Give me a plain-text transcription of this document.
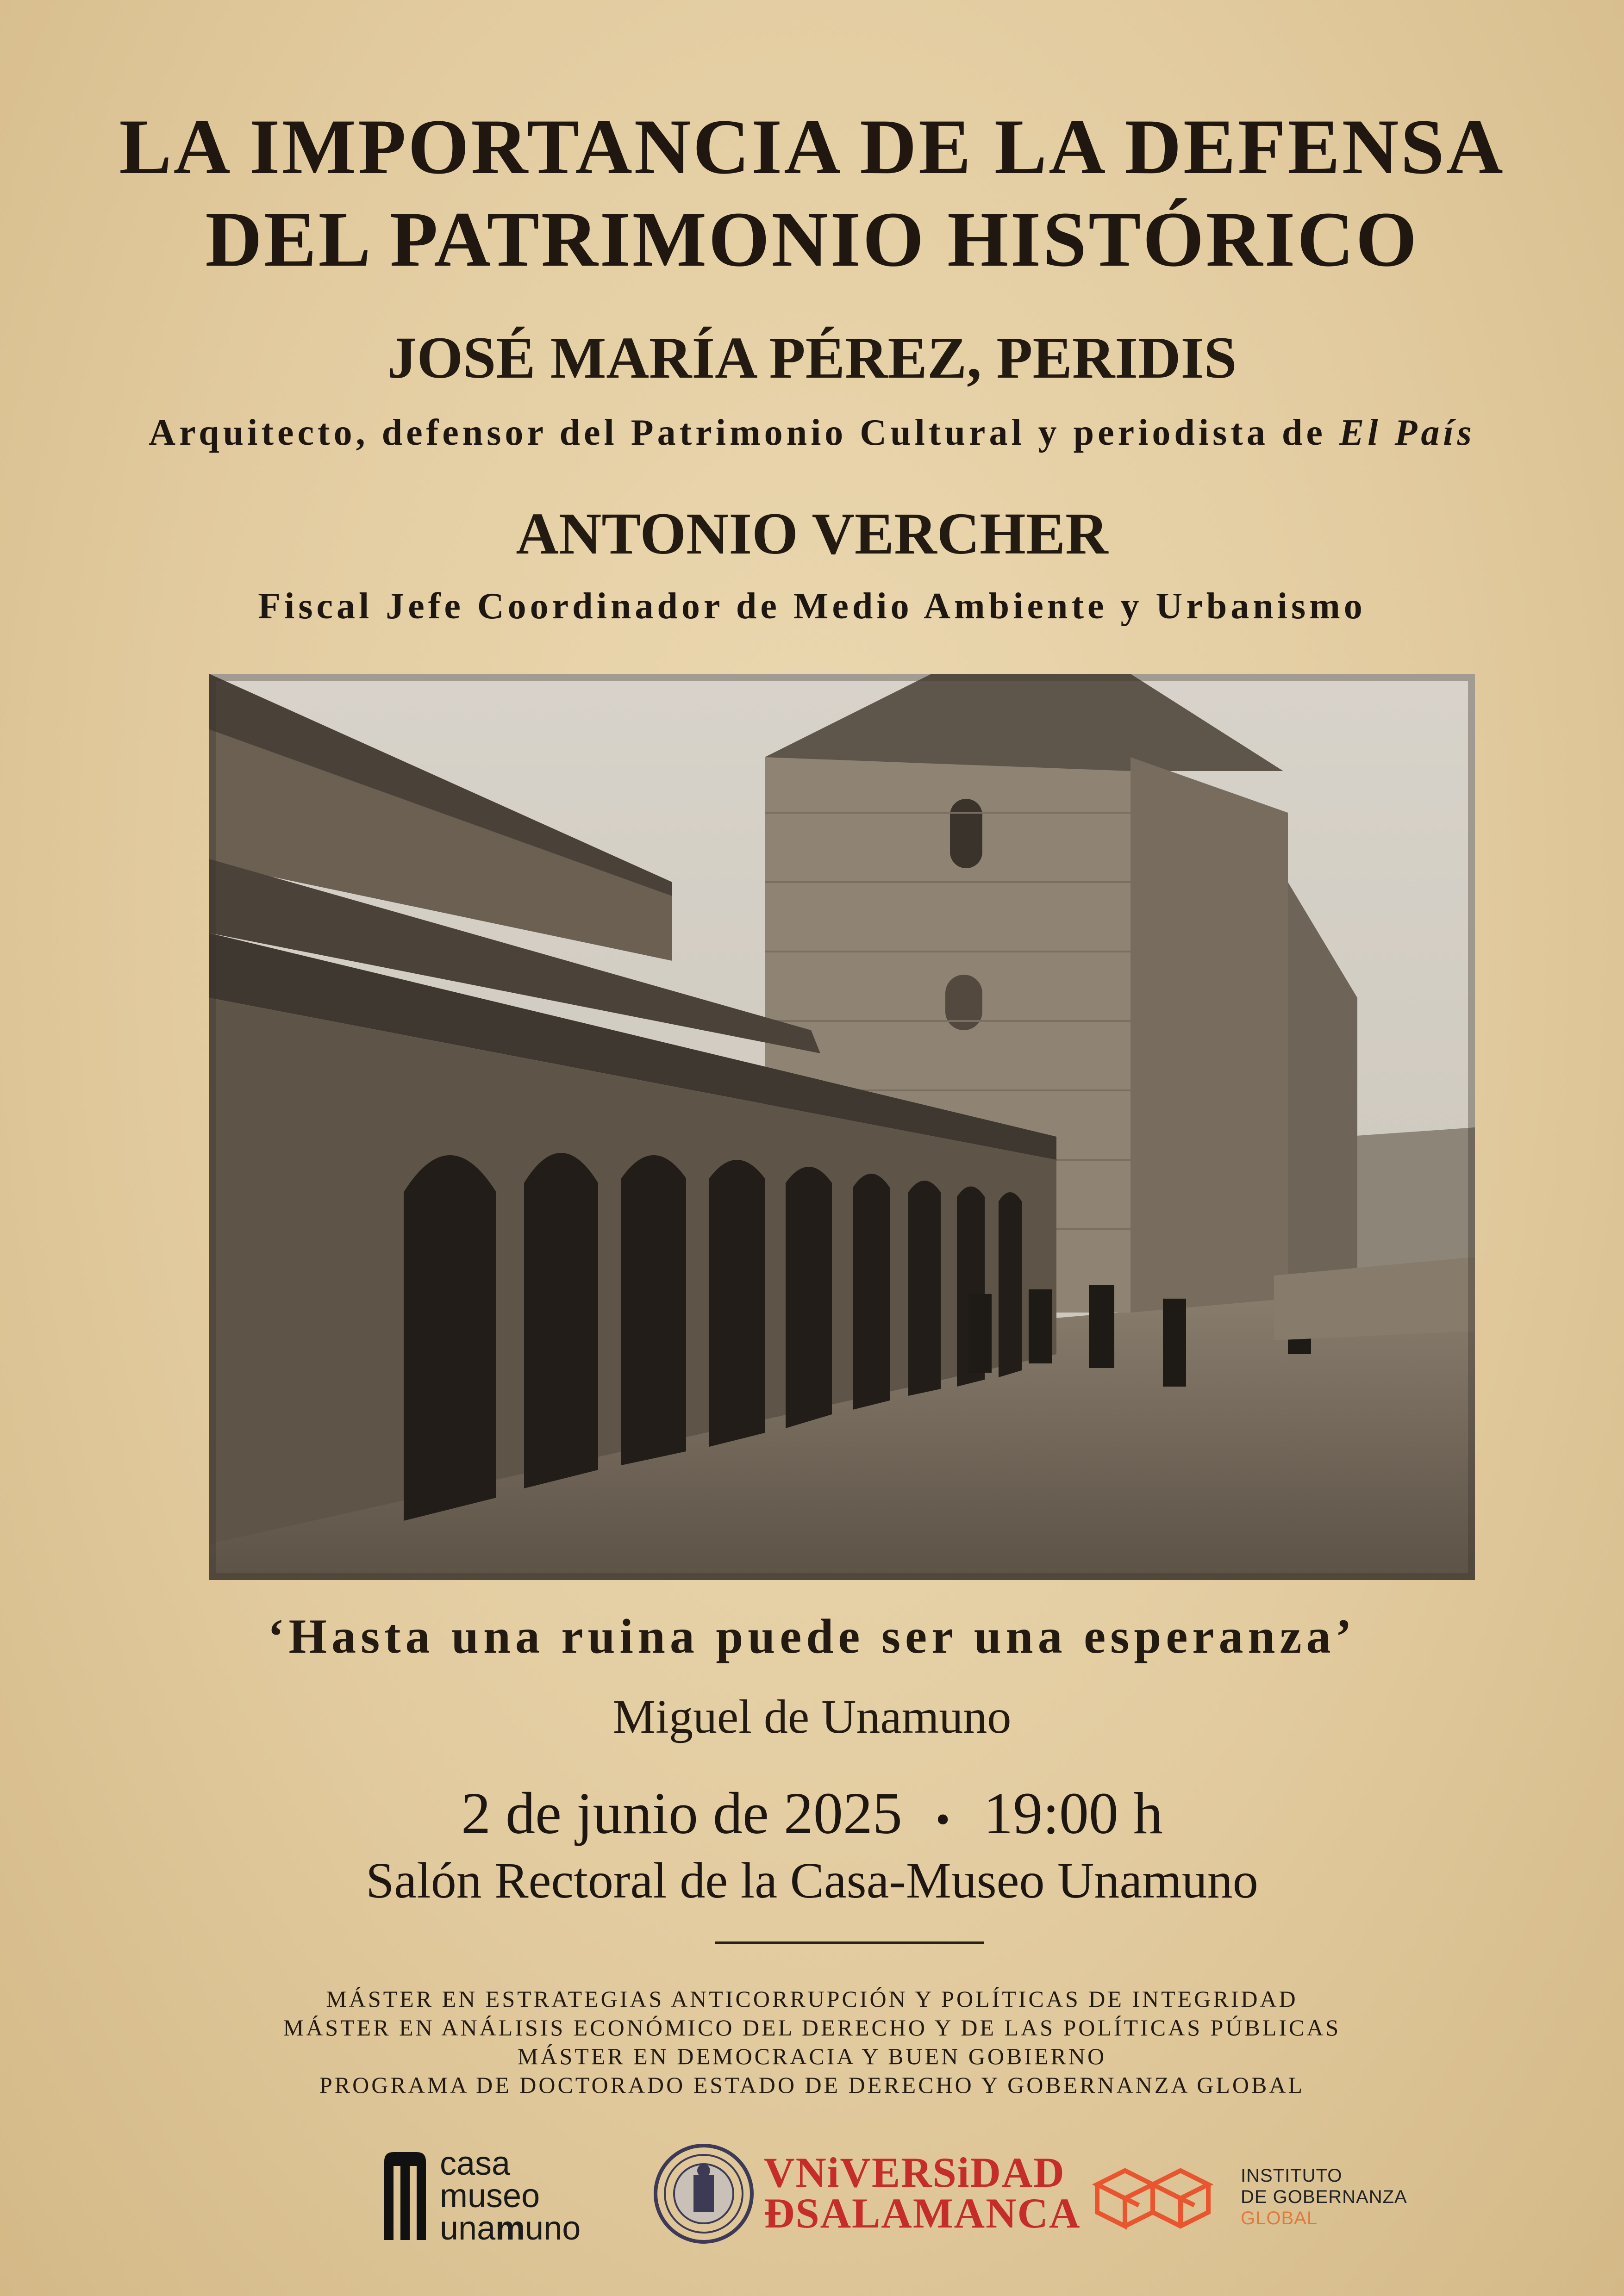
LA IMPORTANCIA DE LA DEFENSA
DEL PATRIMONIO HISTÓRICO
JOSÉ MARÍA PÉREZ, PERIDIS
Arquitecto, defensor del Patrimonio Cultural y periodista de El País
ANTONIO VERCHER
Fiscal Jefe Coordinador de Medio Ambiente y Urbanismo
‘Hasta una ruina puede ser una esperanza’
Miguel de Unamuno
2 de junio de 2025 • 19:00 h
Salón Rectoral de la Casa-Museo Unamuno
MÁSTER EN ESTRATEGIAS ANTICORRUPCIÓN Y POLÍTICAS DE INTEGRIDAD
MÁSTER EN ANÁLISIS ECONÓMICO DEL DERECHO Y DE LAS POLÍTICAS PÚBLICAS
MÁSTER EN DEMOCRACIA Y BUEN GOBIERNO
PROGRAMA DE DOCTORADO ESTADO DE DERECHO Y GOBERNANZA GLOBAL
casa
museo
unamuno
VNiVERSiDAD
ÐSALAMANCA
INSTITUTO
DE GOBERNANZA
GLOBAL
